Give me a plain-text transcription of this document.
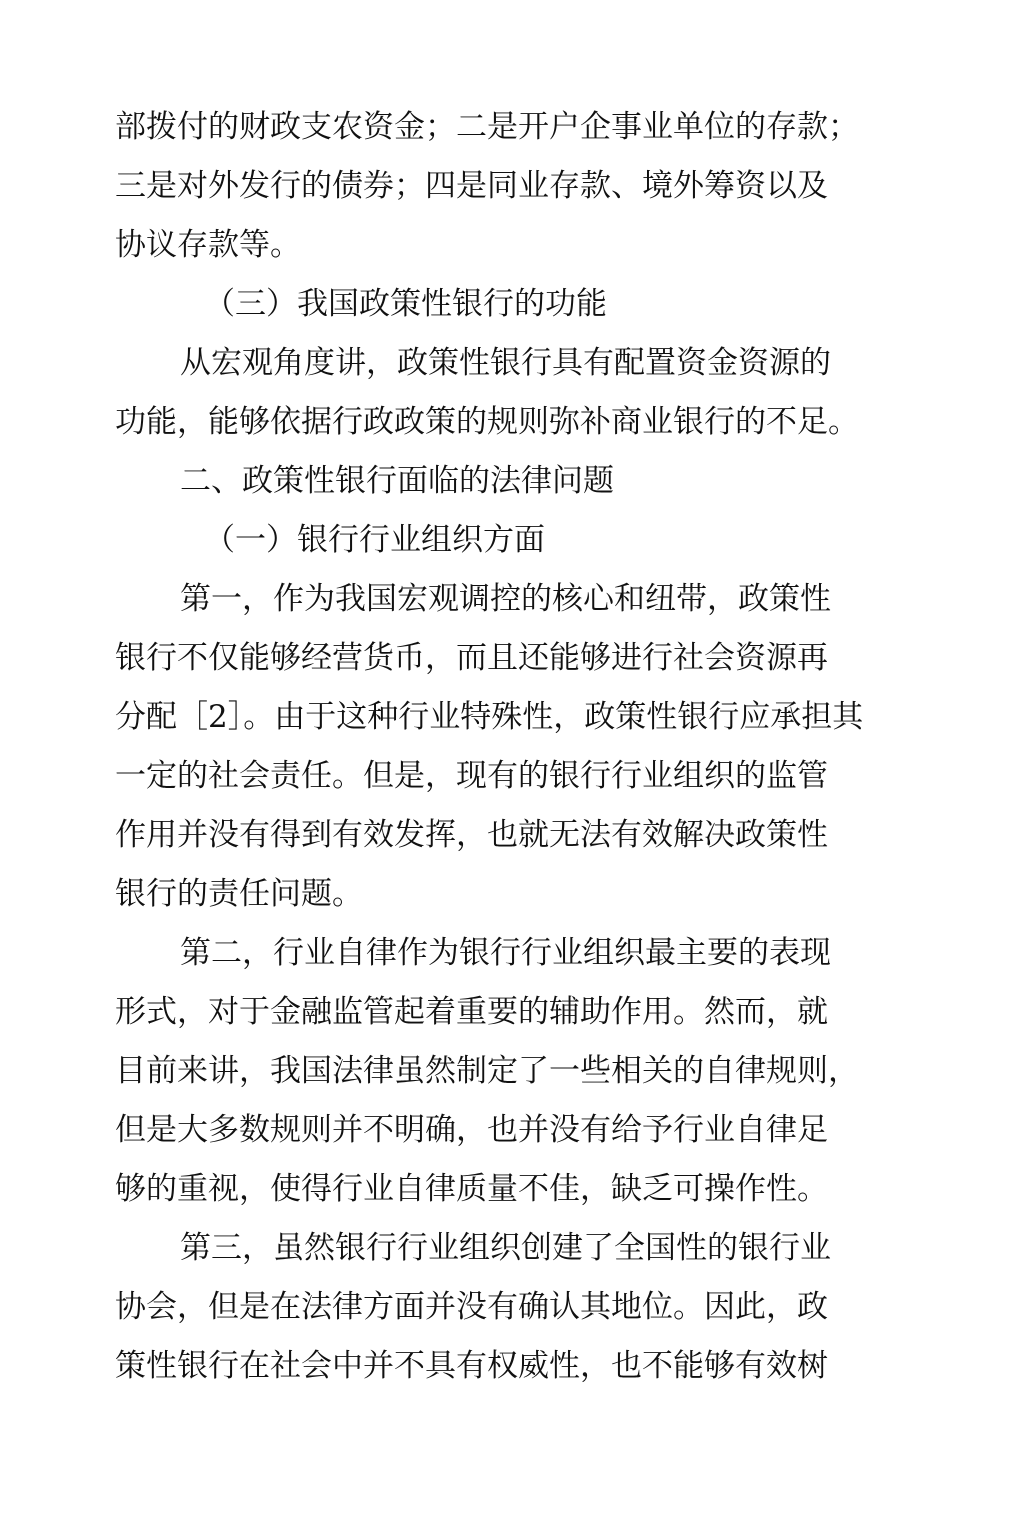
部拨付的财政支农资金；二是开户企事业单位的存款；

三是对外发行的债券；四是同业存款、境外筹资以及

协议存款等。

（三）我国政策性银行的功能

从宏观角度讲，政策性银行具有配置资金资源的

功能，能够依据行政政策的规则弥补商业银行的不足。

二、政策性银行面临的法律问题

（一）银行行业组织方面

第一，作为我国宏观调控的核心和纽带，政策性

银行不仅能够经营货币，而且还能够进行社会资源再

分配［2］。由于这种行业特殊性，政策性银行应承担其

一定的社会责任。但是，现有的银行行业组织的监管

作用并没有得到有效发挥，也就无法有效解决政策性

银行的责任问题。

第二，行业自律作为银行行业组织最主要的表现

形式，对于金融监管起着重要的辅助作用。然而，就

目前来讲，我国法律虽然制定了一些相关的自律规则，

但是大多数规则并不明确，也并没有给予行业自律足

够的重视，使得行业自律质量不佳，缺乏可操作性。

第三，虽然银行行业组织创建了全国性的银行业

协会，但是在法律方面并没有确认其地位。因此，政

策性银行在社会中并不具有权威性，也不能够有效树
